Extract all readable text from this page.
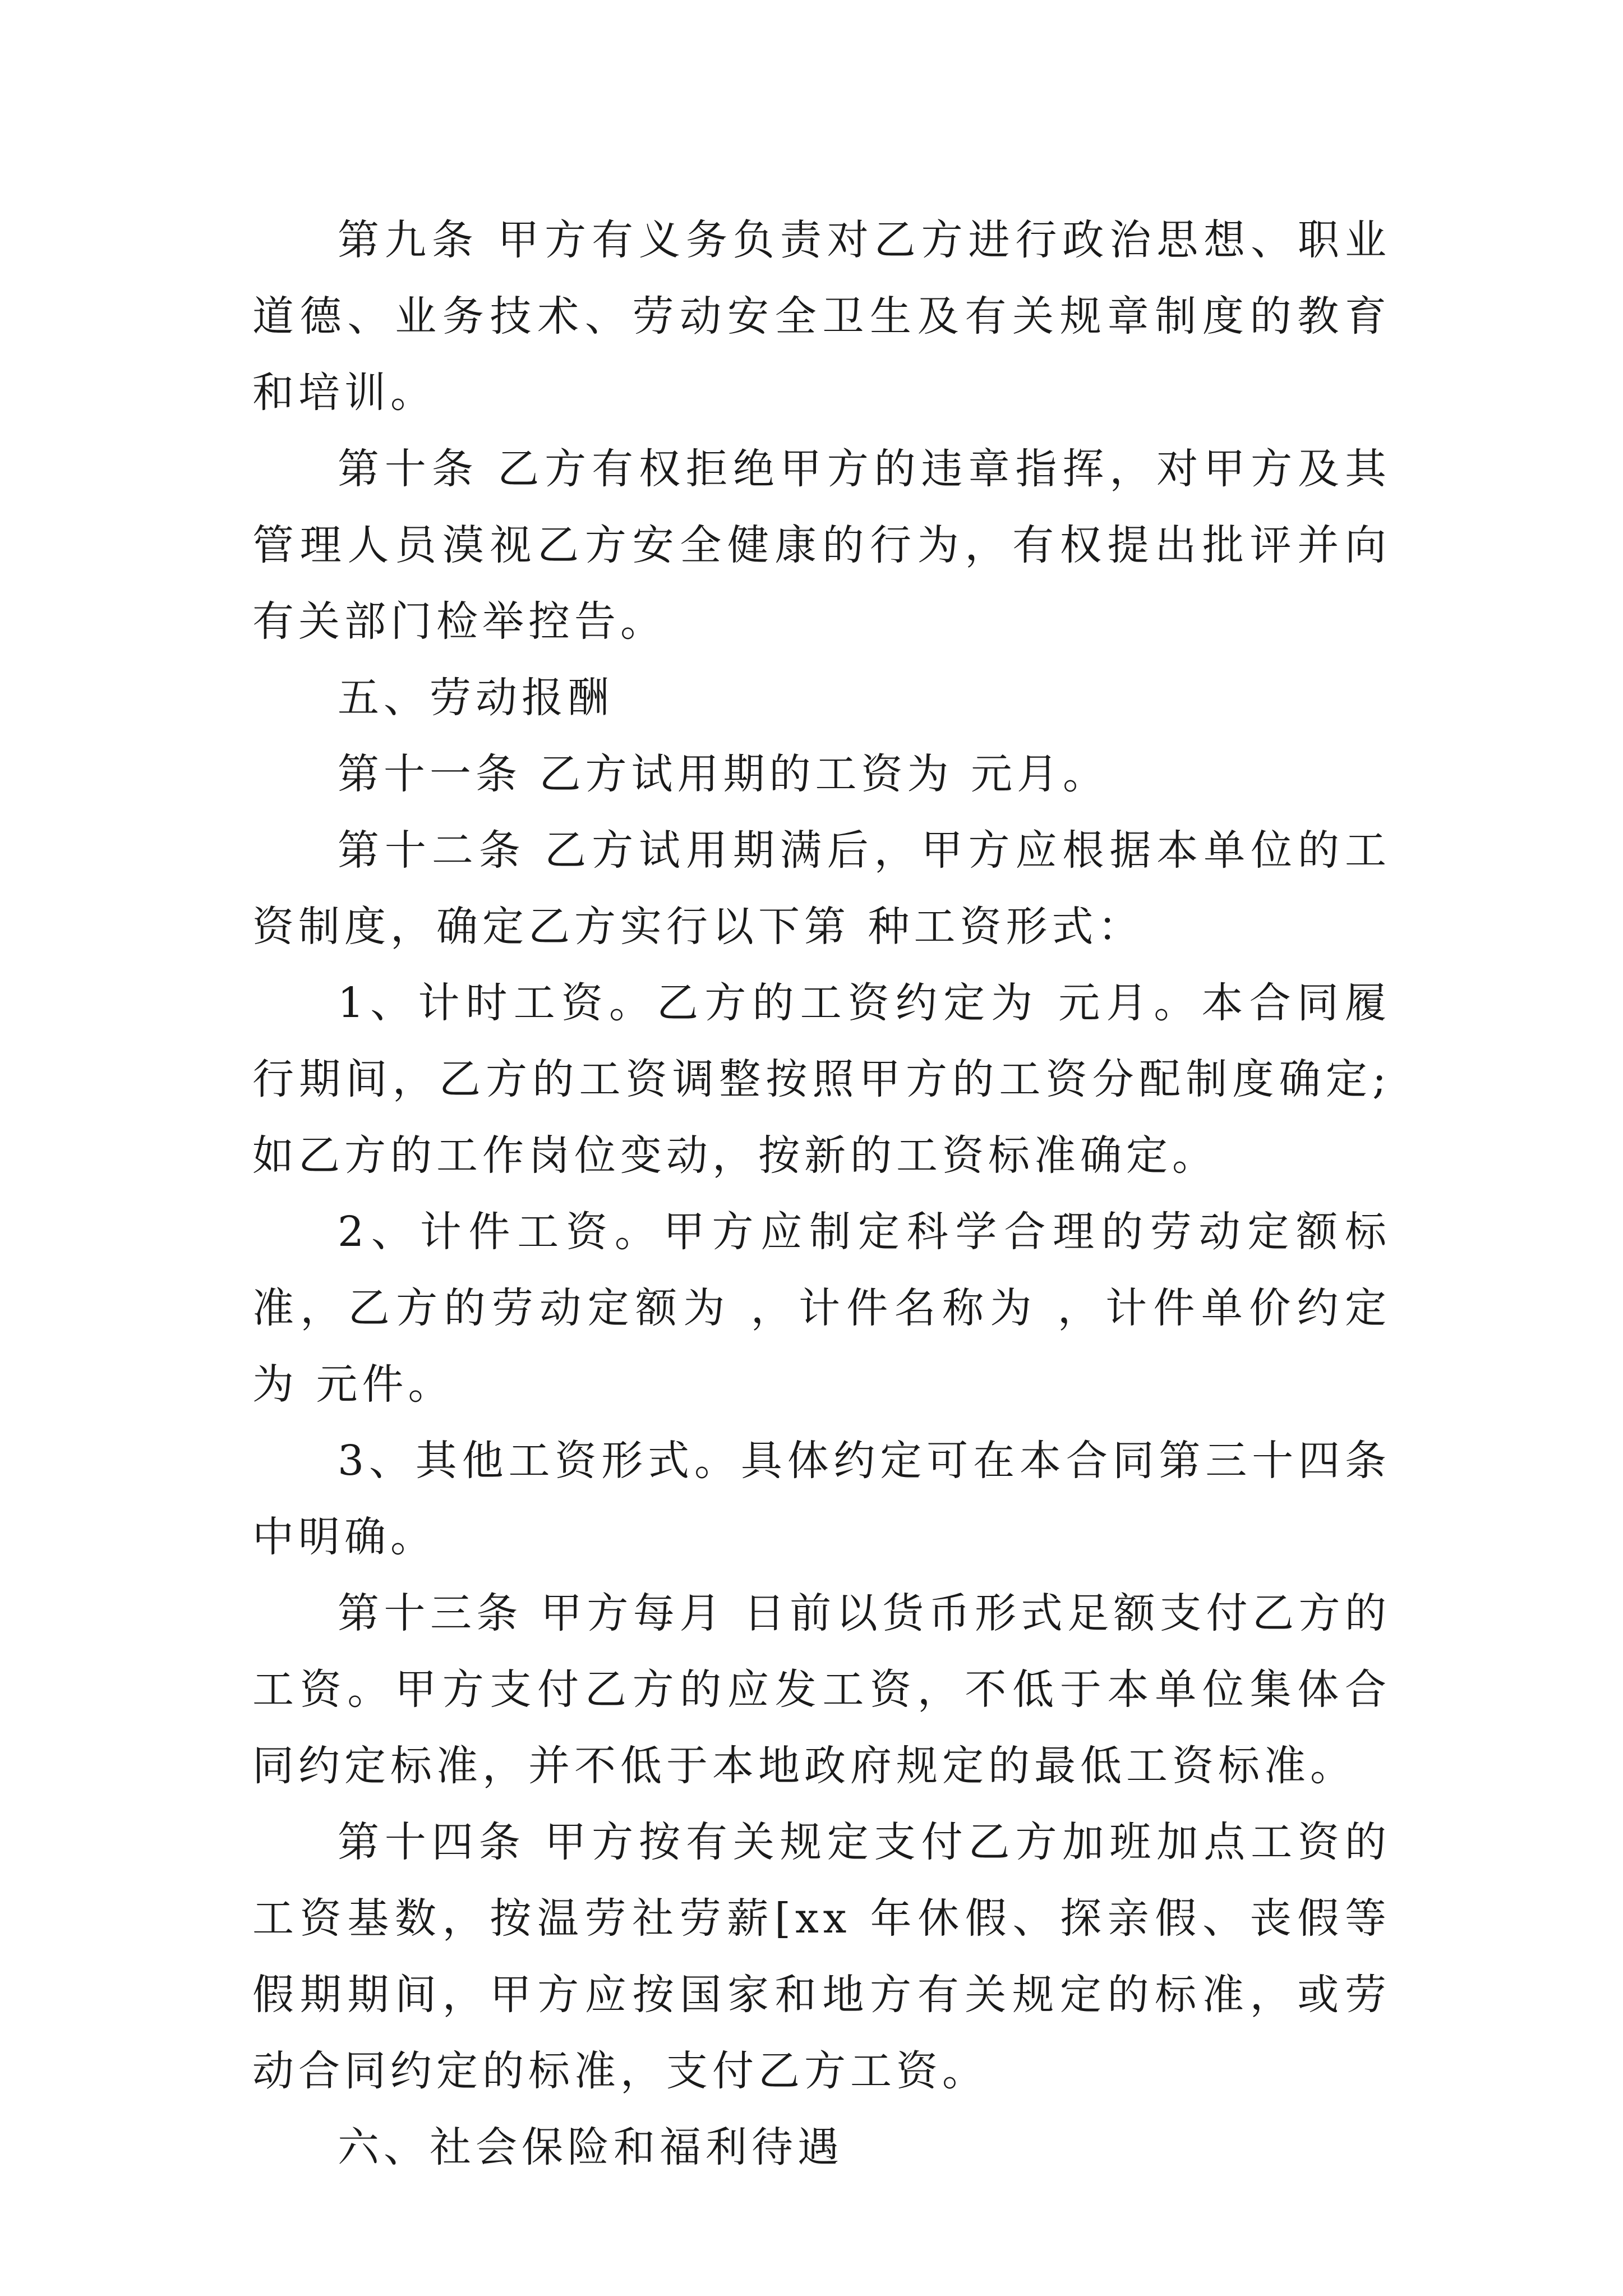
第九条 甲方有义务负责对乙方进行政治思想、职业道德、业务技术、劳动安全卫生及有关规章制度的教育和培训。

第十条 乙方有权拒绝甲方的违章指挥，对甲方及其管理人员漠视乙方安全健康的行为，有权提出批评并向有关部门检举控告。

五、劳动报酬

第十一条 乙方试用期的工资为 元月。

第十二条 乙方试用期满后，甲方应根据本单位的工资制度，确定乙方实行以下第 种工资形式：

1、计时工资。乙方的工资约定为 元月。本合同履行期间，乙方的工资调整按照甲方的工资分配制度确定;如乙方的工作岗位变动，按新的工资标准确定。

2、计件工资。甲方应制定科学合理的劳动定额标准，乙方的劳动定额为 ，计件名称为 ，计件单价约定为 元件。

3、其他工资形式。具体约定可在本合同第三十四条中明确。

第十三条 甲方每月 日前以货币形式足额支付乙方的工资。甲方支付乙方的应发工资，不低于本单位集体合同约定标准，并不低于本地政府规定的最低工资标准。

第十四条 甲方按有关规定支付乙方加班加点工资的工资基数，按温劳社劳薪[xx 年休假、探亲假、丧假等假期期间，甲方应按国家和地方有关规定的标准，或劳动合同约定的标准，支付乙方工资。

六、社会保险和福利待遇
